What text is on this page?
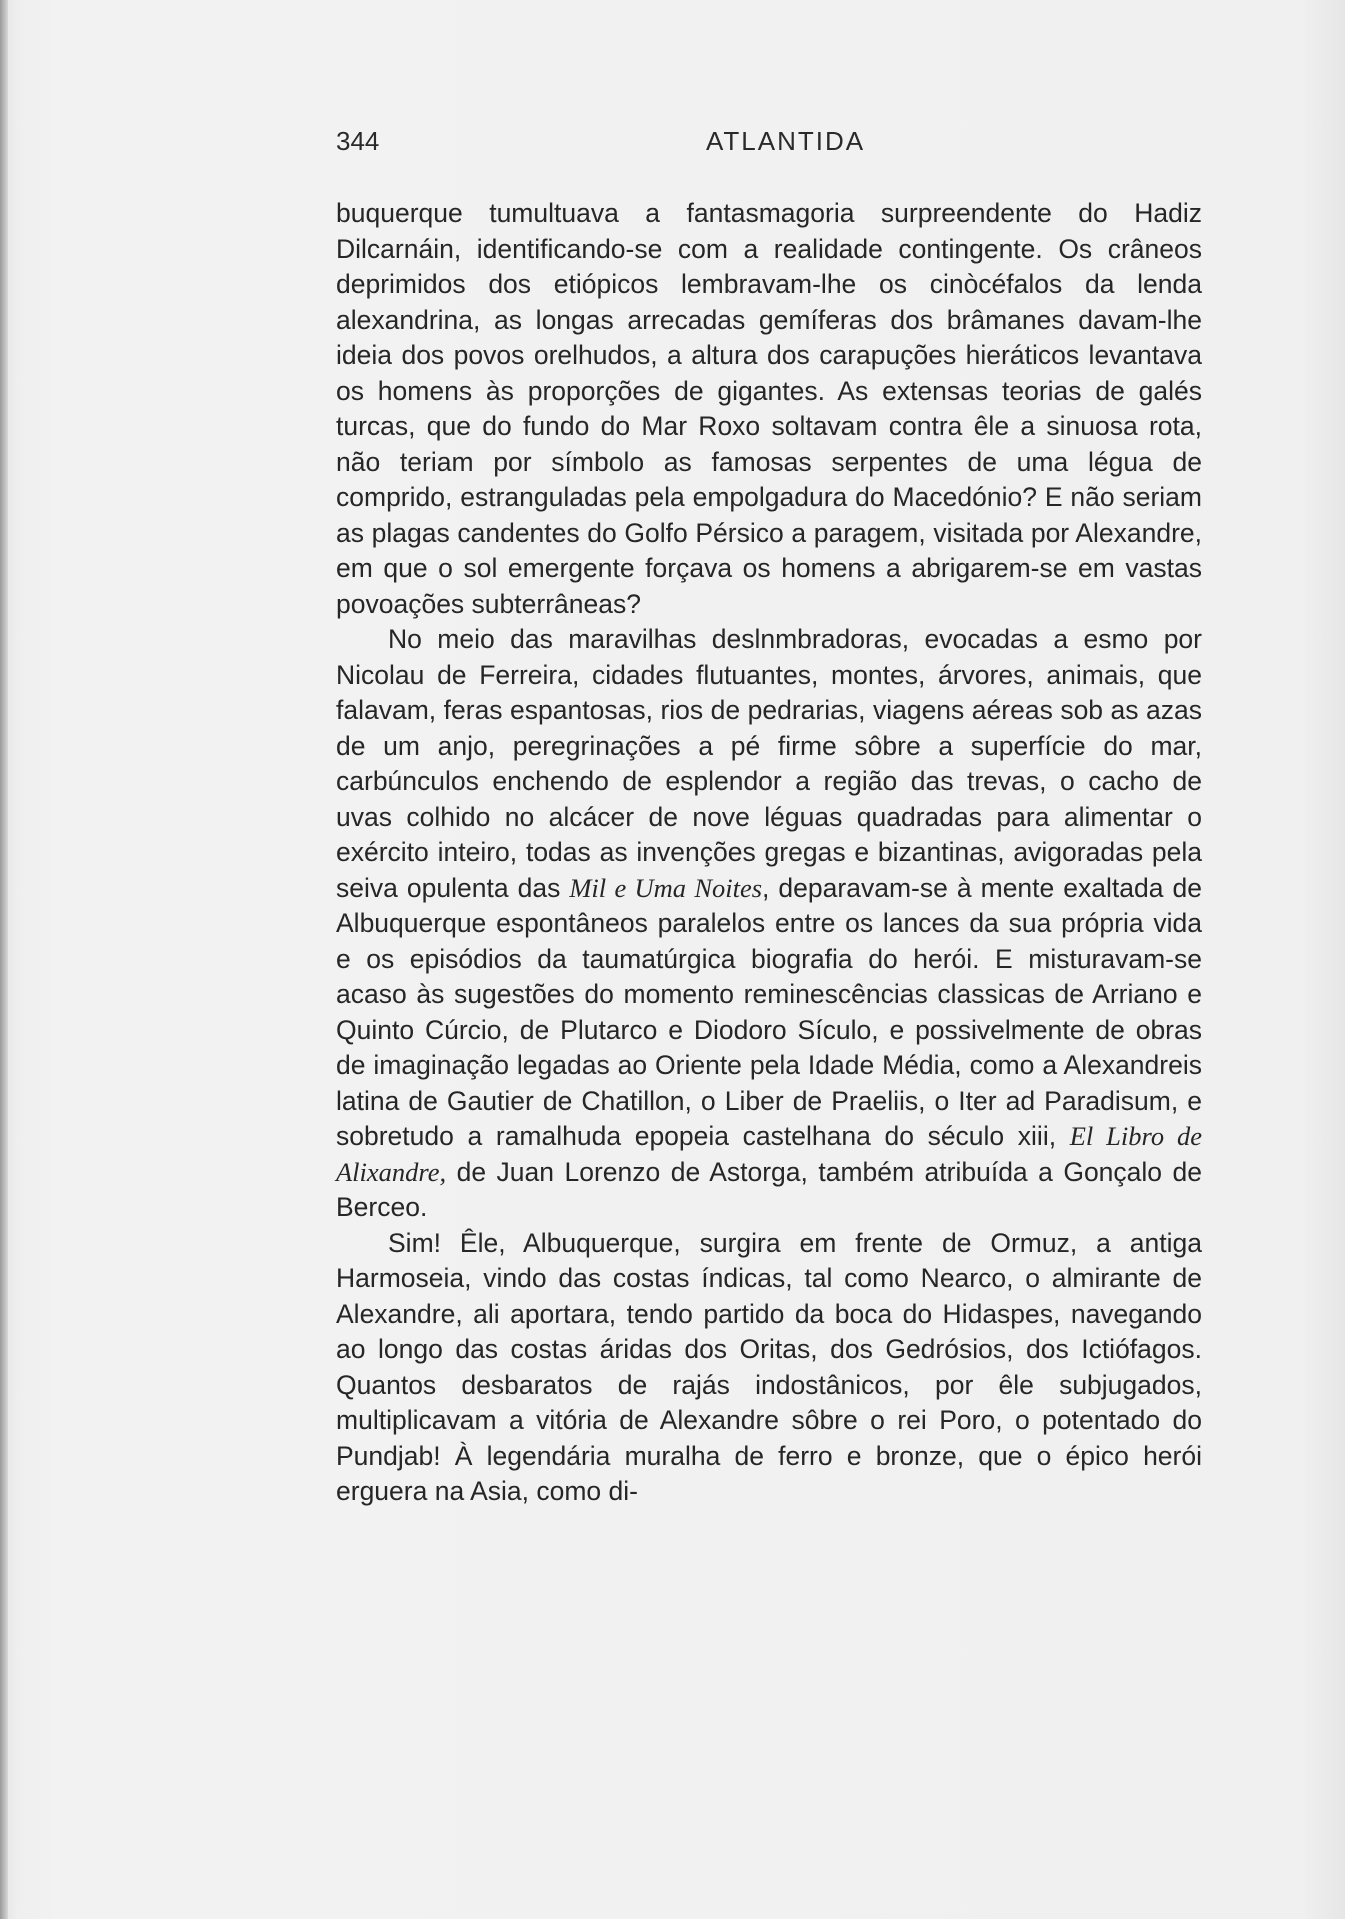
344	ATLANTIDA

buquerque tumultuava a fantasmagoria surpreendente do Hadiz Dilcarnáin, identificando-se com a realidade contingente. Os crâneos deprimidos dos etiópicos lembravam-lhe os cinòcéfalos da lenda alexandrina, as longas arrecadas gemíferas dos brâmanes davam-lhe ideia dos povos orelhudos, a altura dos carapuções hieráticos levantava os homens às proporções de gigantes. As extensas teorias de galés turcas, que do fundo do Mar Roxo soltavam contra êle a sinuosa rota, não teriam por símbolo as famosas serpentes de uma légua de comprido, estranguladas pela empolgadura do Macedónio? E não seriam as plagas candentes do Golfo Pérsico a paragem, visitada por Alexandre, em que o sol emergente forçava os homens a abrigarem-se em vastas povoações subterrâneas?

No meio das maravilhas deslnmbradoras, evocadas a esmo por Nicolau de Ferreira, cidades flutuantes, montes, árvores, animais, que falavam, feras espantosas, rios de pedrarias, viagens aéreas sob as azas de um anjo, peregrinações a pé firme sôbre a superfície do mar, carbúnculos enchendo de esplendor a região das trevas, o cacho de uvas colhido no alcácer de nove léguas quadradas para alimentar o exército inteiro, todas as invenções gregas e bizantinas, avigoradas pela seiva opulenta das Mil e Uma Noites, deparavam-se à mente exaltada de Albuquerque espontâneos paralelos entre os lances da sua própria vida e os episódios da taumatúrgica biografia do herói. E misturavam-se acaso às sugestões do momento reminescências classicas de Arriano e Quinto Cúrcio, de Plutarco e Diodoro Sículo, e possivelmente de obras de imaginação legadas ao Oriente pela Idade Média, como a Alexandreis latina de Gautier de Chatillon, o Liber de Praeliis, o Iter ad Paradisum, e sobretudo a ramalhuda epopeia castelhana do século xiii, El Libro de Alixandre, de Juan Lorenzo de Astorga, também atribuída a Gonçalo de Berceo.

Sim! Êle, Albuquerque, surgira em frente de Ormuz, a antiga Harmoseia, vindo das costas índicas, tal como Nearco, o almirante de Alexandre, ali aportara, tendo partido da boca do Hidaspes, navegando ao longo das costas áridas dos Oritas, dos Gedrósios, dos Ictiófagos. Quantos desbaratos de rajás indostânicos, por êle subjugados, multiplicavam a vitória de Alexandre sôbre o rei Poro, o potentado do Pundjab! À legendária muralha de ferro e bronze, que o épico herói erguera na Asia, como di-
